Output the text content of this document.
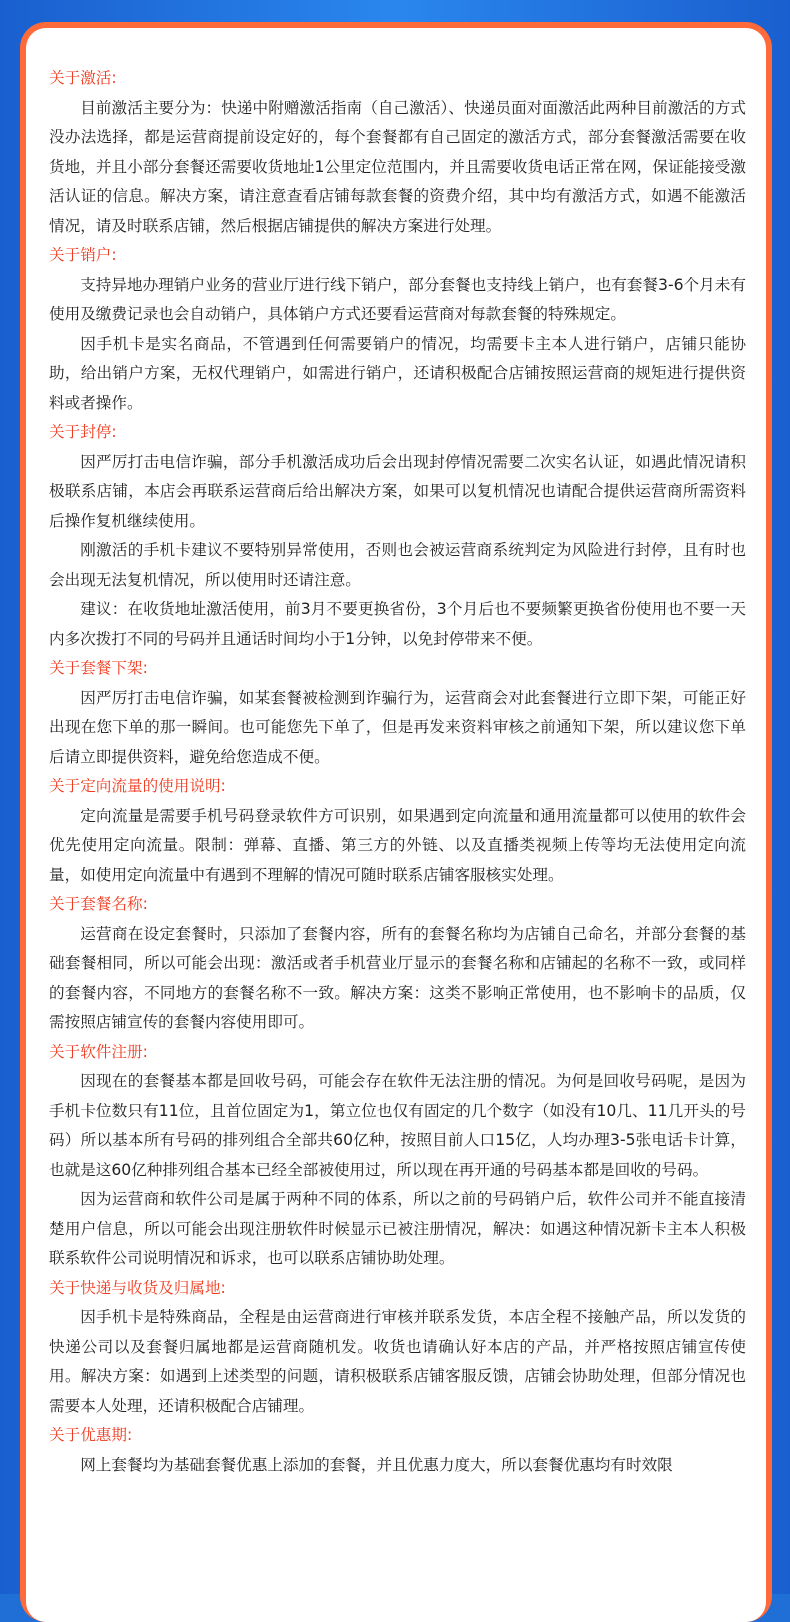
关于激活:

目前激活主要分为：快递中附赠激活指南（自己激活）、快递员面对面激活此两种目前激活的方式没办法选择，都是运营商提前设定好的，每个套餐都有自己固定的激活方式，部分套餐激活需要在收货地，并且小部分套餐还需要收货地址1公里定位范围内，并且需要收货电话正常在网，保证能接受激活认证的信息。解决方案，请注意查看店铺每款套餐的资费介绍，其中均有激活方式，如遇不能激活情况，请及时联系店铺，然后根据店铺提供的解决方案进行处理。

关于销户:

支持异地办理销户业务的营业厅进行线下销户，部分套餐也支持线上销户，也有套餐3-6个月未有使用及缴费记录也会自动销户，具体销户方式还要看运营商对每款套餐的特殊规定。

因手机卡是实名商品，不管遇到任何需要销户的情况，均需要卡主本人进行销户，店铺只能协助，给出销户方案，无权代理销户，如需进行销户，还请积极配合店铺按照运营商的规矩进行提供资料或者操作。

关于封停:

因严厉打击电信诈骗，部分手机激活成功后会出现封停情况需要二次实名认证，如遇此情况请积极联系店铺，本店会再联系运营商后给出解决方案，如果可以复机情况也请配合提供运营商所需资料后操作复机继续使用。

刚激活的手机卡建议不要特别异常使用，否则也会被运营商系统判定为风险进行封停，且有时也会出现无法复机情况，所以使用时还请注意。

建议：在收货地址激活使用，前3月不要更换省份，3个月后也不要频繁更换省份使用也不要一天内多次拨打不同的号码并且通话时间均小于1分钟，以免封停带来不便。

关于套餐下架:

因严厉打击电信诈骗，如某套餐被检测到诈骗行为，运营商会对此套餐进行立即下架，可能正好出现在您下单的那一瞬间。也可能您先下单了，但是再发来资料审核之前通知下架，所以建议您下单后请立即提供资料，避免给您造成不便。

关于定向流量的使用说明:

定向流量是需要手机号码登录软件方可识别，如果遇到定向流量和通用流量都可以使用的软件会优先使用定向流量。限制：弹幕、直播、第三方的外链、以及直播类视频上传等均无法使用定向流量，如使用定向流量中有遇到不理解的情况可随时联系店铺客服核实处理。

关于套餐名称:

运营商在设定套餐时，只添加了套餐内容，所有的套餐名称均为店铺自己命名，并部分套餐的基础套餐相同，所以可能会出现：激活或者手机营业厅显示的套餐名称和店铺起的名称不一致，或同样的套餐内容，不同地方的套餐名称不一致。解决方案：这类不影响正常使用，也不影响卡的品质，仅需按照店铺宣传的套餐内容使用即可。

关于软件注册:

因现在的套餐基本都是回收号码，可能会存在软件无法注册的情况。为何是回收号码呢，是因为手机卡位数只有11位，且首位固定为1，第立位也仅有固定的几个数字（如没有10几、11几开头的号码）所以基本所有号码的排列组合全部共60亿种，按照目前人口15亿，人均办理3-5张电话卡计算，也就是这60亿种排列组合基本已经全部被使用过，所以现在再开通的号码基本都是回收的号码。

因为运营商和软件公司是属于两种不同的体系，所以之前的号码销户后，软件公司并不能直接清楚用户信息，所以可能会出现注册软件时候显示已被注册情况，解决：如遇这种情况新卡主本人积极联系软件公司说明情况和诉求，也可以联系店铺协助处理。

关于快递与收货及归属地:

因手机卡是特殊商品，全程是由运营商进行审核并联系发货，本店全程不接触产品，所以发货的快递公司以及套餐归属地都是运营商随机发。收货也请确认好本店的产品，并严格按照店铺宣传使用。解决方案：如遇到上述类型的问题，请积极联系店铺客服反馈，店铺会协助处理，但部分情况也需要本人处理，还请积极配合店铺理。

关于优惠期:

网上套餐均为基础套餐优惠上添加的套餐，并且优惠力度大，所以套餐优惠均有时效限
